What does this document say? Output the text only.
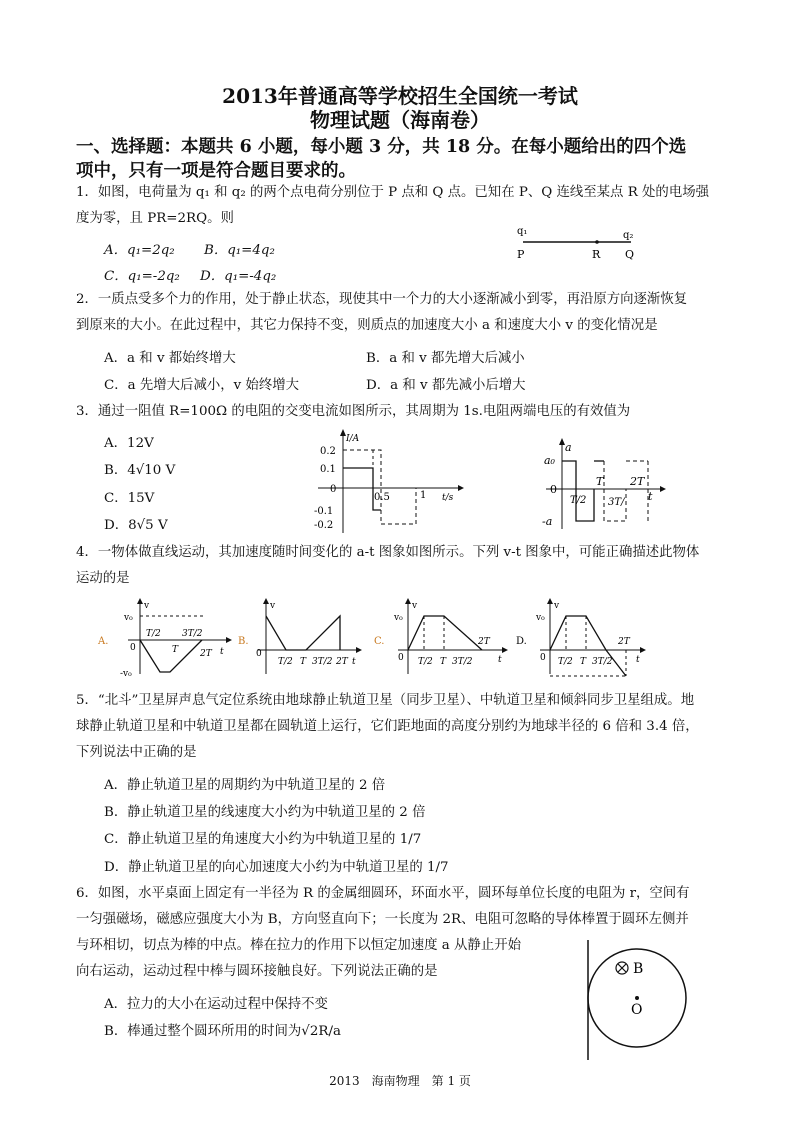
2013年普通高等学校招生全国统一考试
物理试题（海南卷）
一、选择题：本题共 6 小题，每小题 3 分，共 18 分。在每小题给出的四个选
项中，只有一项是符合题目要求的。
1．如图，电荷量为 q₁ 和 q₂ 的两个点电荷分别位于 P 点和 Q 点。已知在 P、Q 连线至某点 R 处的电场强
度为零，且 PR=2RQ。则
A．q₁=2q₂ B．q₁=4q₂
C．q₁=-2q₂ D．q₁=-4q₂
q₁	q₂
P	R Q
2．一质点受多个力的作用，处于静止状态，现使其中一个力的大小逐渐减小到零，再沿原方向逐渐恢复
到原来的大小。在此过程中，其它力保持不变，则质点的加速度大小 a 和速度大小 v 的变化情况是
A．a 和 v 都始终增大	B．a 和 v 都先增大后减小
C．a 先增大后减小，v 始终增大	D．a 和 v 都先减小后增大
3．通过一阻值 R=100Ω 的电阻的交变电流如图所示，其周期为 1s.电阻两端电压的有效值为
A．12V
B．4√10 V
C．15V
D．8√5 V
I/A
t/s
0.2
0.1
0
-0.1
-0.2
0.5	1
a
a₀
0
-a
T/2
T
3T/
2T
t
4．一物体做直线运动，其加速度随时间变化的 a-t 图象如图所示。下列 v-t 图象中，可能正确描述此物体
运动的是
A.
v₀
v
0
-v₀
T/2 3T/2
T 2T t
B.
v
0
T/2 T 3T/2 2T t
C.
v
v₀
0 T/2 T 3T/2
2T
t
D.
v
v₀
0 T/2 T 3T/2
2T
t
5．“北斗”卫星屏声息气定位系统由地球静止轨道卫星（同步卫星）、中轨道卫星和倾斜同步卫星组成。地
球静止轨道卫星和中轨道卫星都在圆轨道上运行，它们距地面的高度分别约为地球半径的 6 倍和 3.4 倍，
下列说法中正确的是
A．静止轨道卫星的周期约为中轨道卫星的 2 倍
B．静止轨道卫星的线速度大小约为中轨道卫星的 2 倍
C．静止轨道卫星的角速度大小约为中轨道卫星的 1/7
D．静止轨道卫星的向心加速度大小约为中轨道卫星的 1/7
6．如图，水平桌面上固定有一半径为 R 的金属细圆环，环面水平，圆环每单位长度的电阻为 r，空间有
一匀强磁场，磁感应强度大小为 B，方向竖直向下；一长度为 2R、电阻可忽略的导体棒置于圆环左侧并
与环相切，切点为棒的中点。棒在拉力的作用下以恒定加速度 a 从静止开始
向右运动，运动过程中棒与圆环接触良好。下列说法正确的是
A．拉力的大小在运动过程中保持不变
B．棒通过整个圆环所用的时间为√2R/a
B
O
2013　海南物理　第 1 页
